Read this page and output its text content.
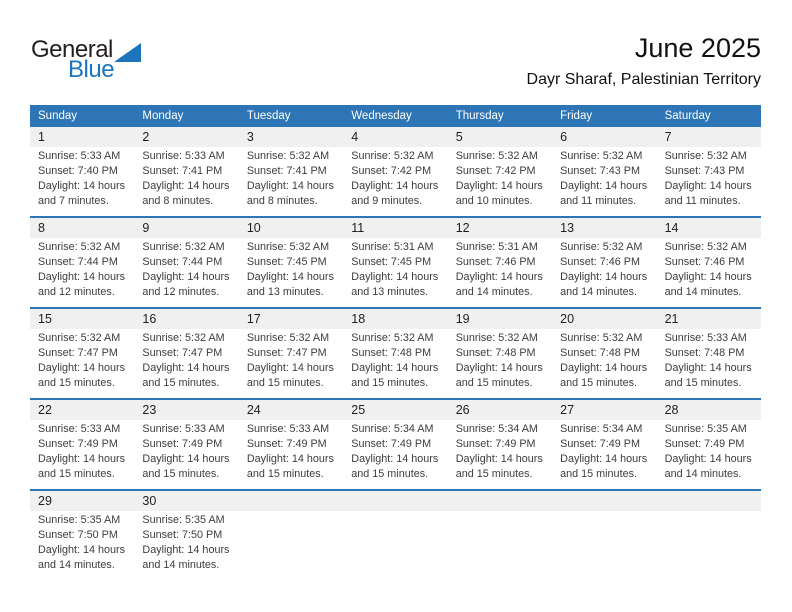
General
Blue
June 2025
Dayr Sharaf, Palestinian Territory
Sunday	Monday	Tuesday	Wednesday	Thursday	Friday	Saturday
1	2	3	4	5	6	7
Sunrise: 5:33 AM
Sunset: 7:40 PM
Daylight: 14 hours
and 7 minutes.
Sunrise: 5:33 AM
Sunset: 7:41 PM
Daylight: 14 hours
and 8 minutes.
Sunrise: 5:32 AM
Sunset: 7:41 PM
Daylight: 14 hours
and 8 minutes.
Sunrise: 5:32 AM
Sunset: 7:42 PM
Daylight: 14 hours
and 9 minutes.
Sunrise: 5:32 AM
Sunset: 7:42 PM
Daylight: 14 hours
and 10 minutes.
Sunrise: 5:32 AM
Sunset: 7:43 PM
Daylight: 14 hours
and 11 minutes.
Sunrise: 5:32 AM
Sunset: 7:43 PM
Daylight: 14 hours
and 11 minutes.
8	9	10	11	12	13	14
Sunrise: 5:32 AM
Sunset: 7:44 PM
Daylight: 14 hours
and 12 minutes.
Sunrise: 5:32 AM
Sunset: 7:44 PM
Daylight: 14 hours
and 12 minutes.
Sunrise: 5:32 AM
Sunset: 7:45 PM
Daylight: 14 hours
and 13 minutes.
Sunrise: 5:31 AM
Sunset: 7:45 PM
Daylight: 14 hours
and 13 minutes.
Sunrise: 5:31 AM
Sunset: 7:46 PM
Daylight: 14 hours
and 14 minutes.
Sunrise: 5:32 AM
Sunset: 7:46 PM
Daylight: 14 hours
and 14 minutes.
Sunrise: 5:32 AM
Sunset: 7:46 PM
Daylight: 14 hours
and 14 minutes.
15	16	17	18	19	20	21
Sunrise: 5:32 AM
Sunset: 7:47 PM
Daylight: 14 hours
and 15 minutes.
Sunrise: 5:32 AM
Sunset: 7:47 PM
Daylight: 14 hours
and 15 minutes.
Sunrise: 5:32 AM
Sunset: 7:47 PM
Daylight: 14 hours
and 15 minutes.
Sunrise: 5:32 AM
Sunset: 7:48 PM
Daylight: 14 hours
and 15 minutes.
Sunrise: 5:32 AM
Sunset: 7:48 PM
Daylight: 14 hours
and 15 minutes.
Sunrise: 5:32 AM
Sunset: 7:48 PM
Daylight: 14 hours
and 15 minutes.
Sunrise: 5:33 AM
Sunset: 7:48 PM
Daylight: 14 hours
and 15 minutes.
22	23	24	25	26	27	28
Sunrise: 5:33 AM
Sunset: 7:49 PM
Daylight: 14 hours
and 15 minutes.
Sunrise: 5:33 AM
Sunset: 7:49 PM
Daylight: 14 hours
and 15 minutes.
Sunrise: 5:33 AM
Sunset: 7:49 PM
Daylight: 14 hours
and 15 minutes.
Sunrise: 5:34 AM
Sunset: 7:49 PM
Daylight: 14 hours
and 15 minutes.
Sunrise: 5:34 AM
Sunset: 7:49 PM
Daylight: 14 hours
and 15 minutes.
Sunrise: 5:34 AM
Sunset: 7:49 PM
Daylight: 14 hours
and 15 minutes.
Sunrise: 5:35 AM
Sunset: 7:49 PM
Daylight: 14 hours
and 14 minutes.
29	30
Sunrise: 5:35 AM
Sunset: 7:50 PM
Daylight: 14 hours
and 14 minutes.
Sunrise: 5:35 AM
Sunset: 7:50 PM
Daylight: 14 hours
and 14 minutes.
